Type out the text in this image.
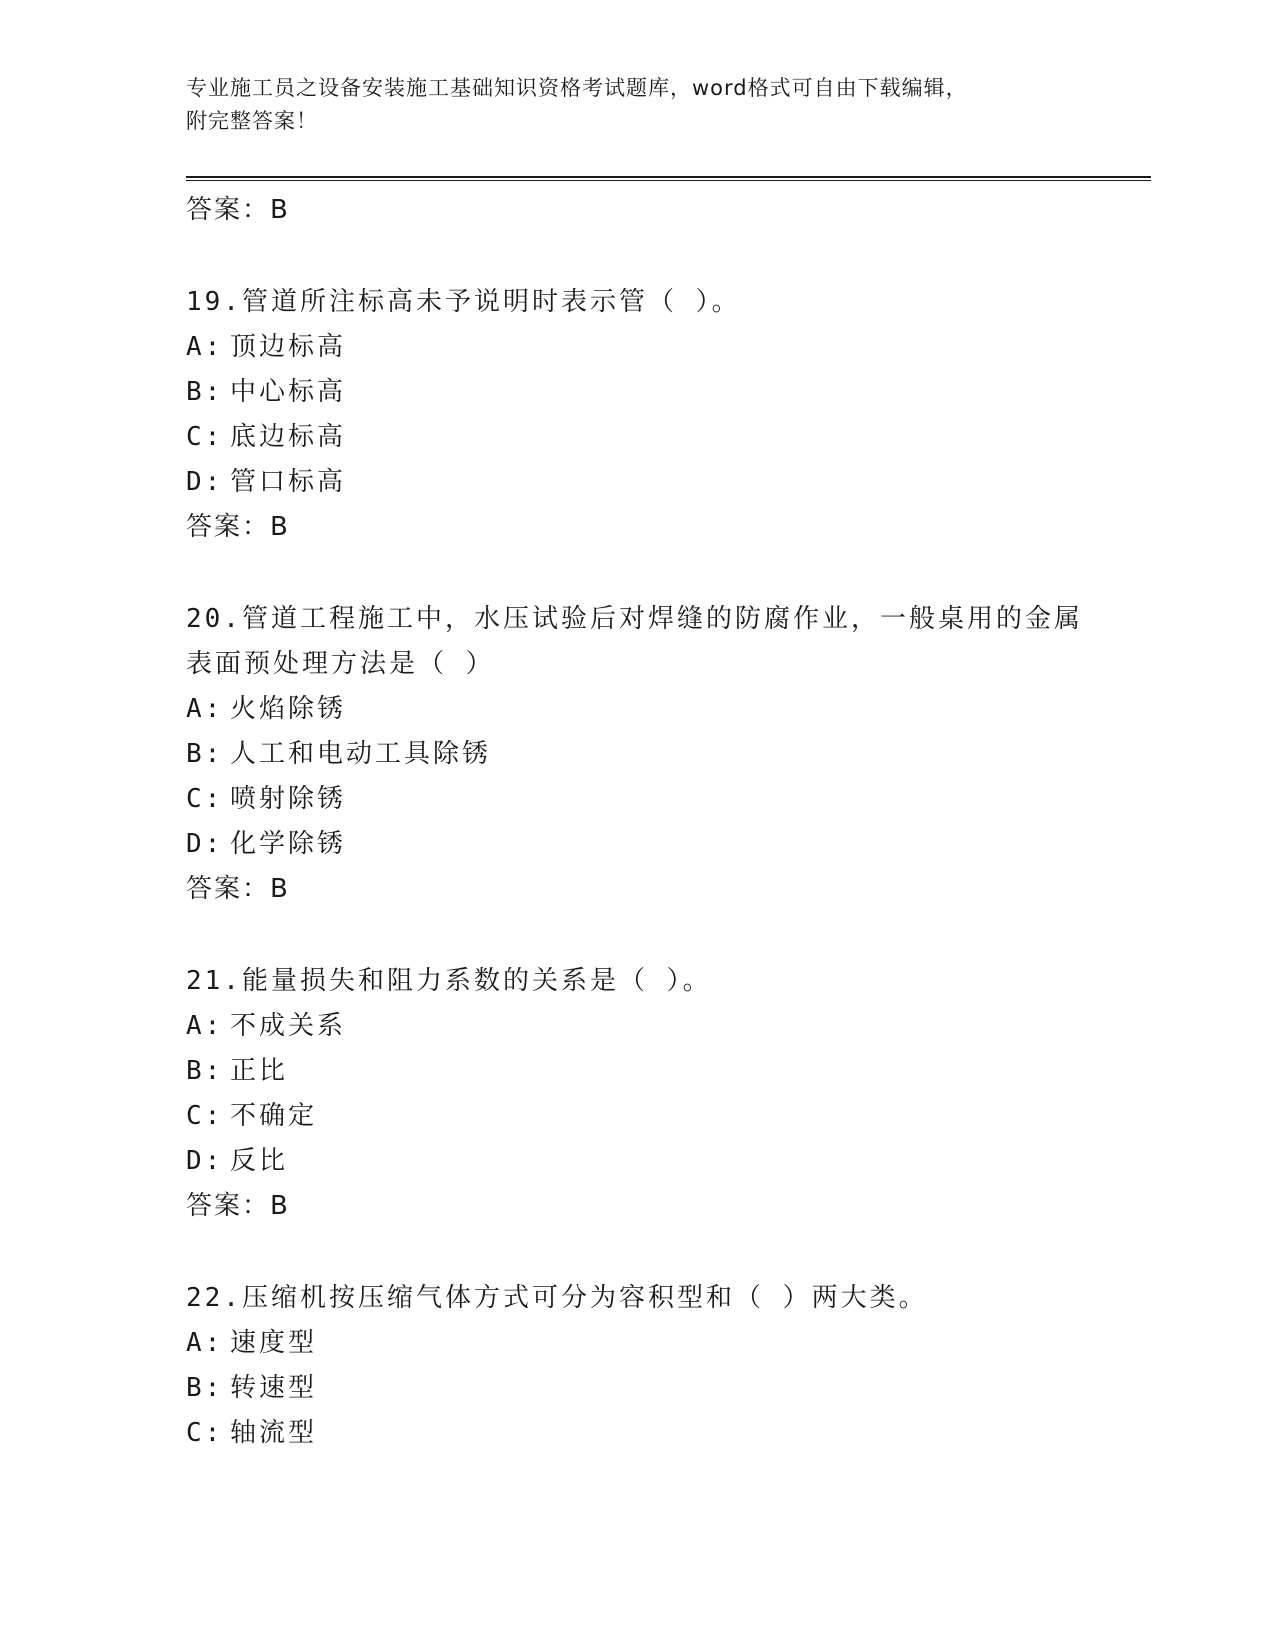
专业施工员之设备安装施工基础知识资格考试题库，word格式可自由下载编辑，
附完整答案！
答案：B
19.管道所注标高未予说明时表示管（ ）。
A: 顶边标高
B: 中心标高
C: 底边标高
D: 管口标高
答案：B
20.管道工程施工中，水压试验后对焊缝的防腐作业，一般桌用的金属
表面预处理方法是（ ）
A: 火焰除锈
B: 人工和电动工具除锈
C: 喷射除锈
D: 化学除锈
答案：B
21.能量损失和阻力系数的关系是（ ）。
A: 不成关系
B: 正比
C: 不确定
D: 反比
答案：B
22.压缩机按压缩气体方式可分为容积型和（ ）两大类。
A: 速度型
B: 转速型
C: 轴流型
